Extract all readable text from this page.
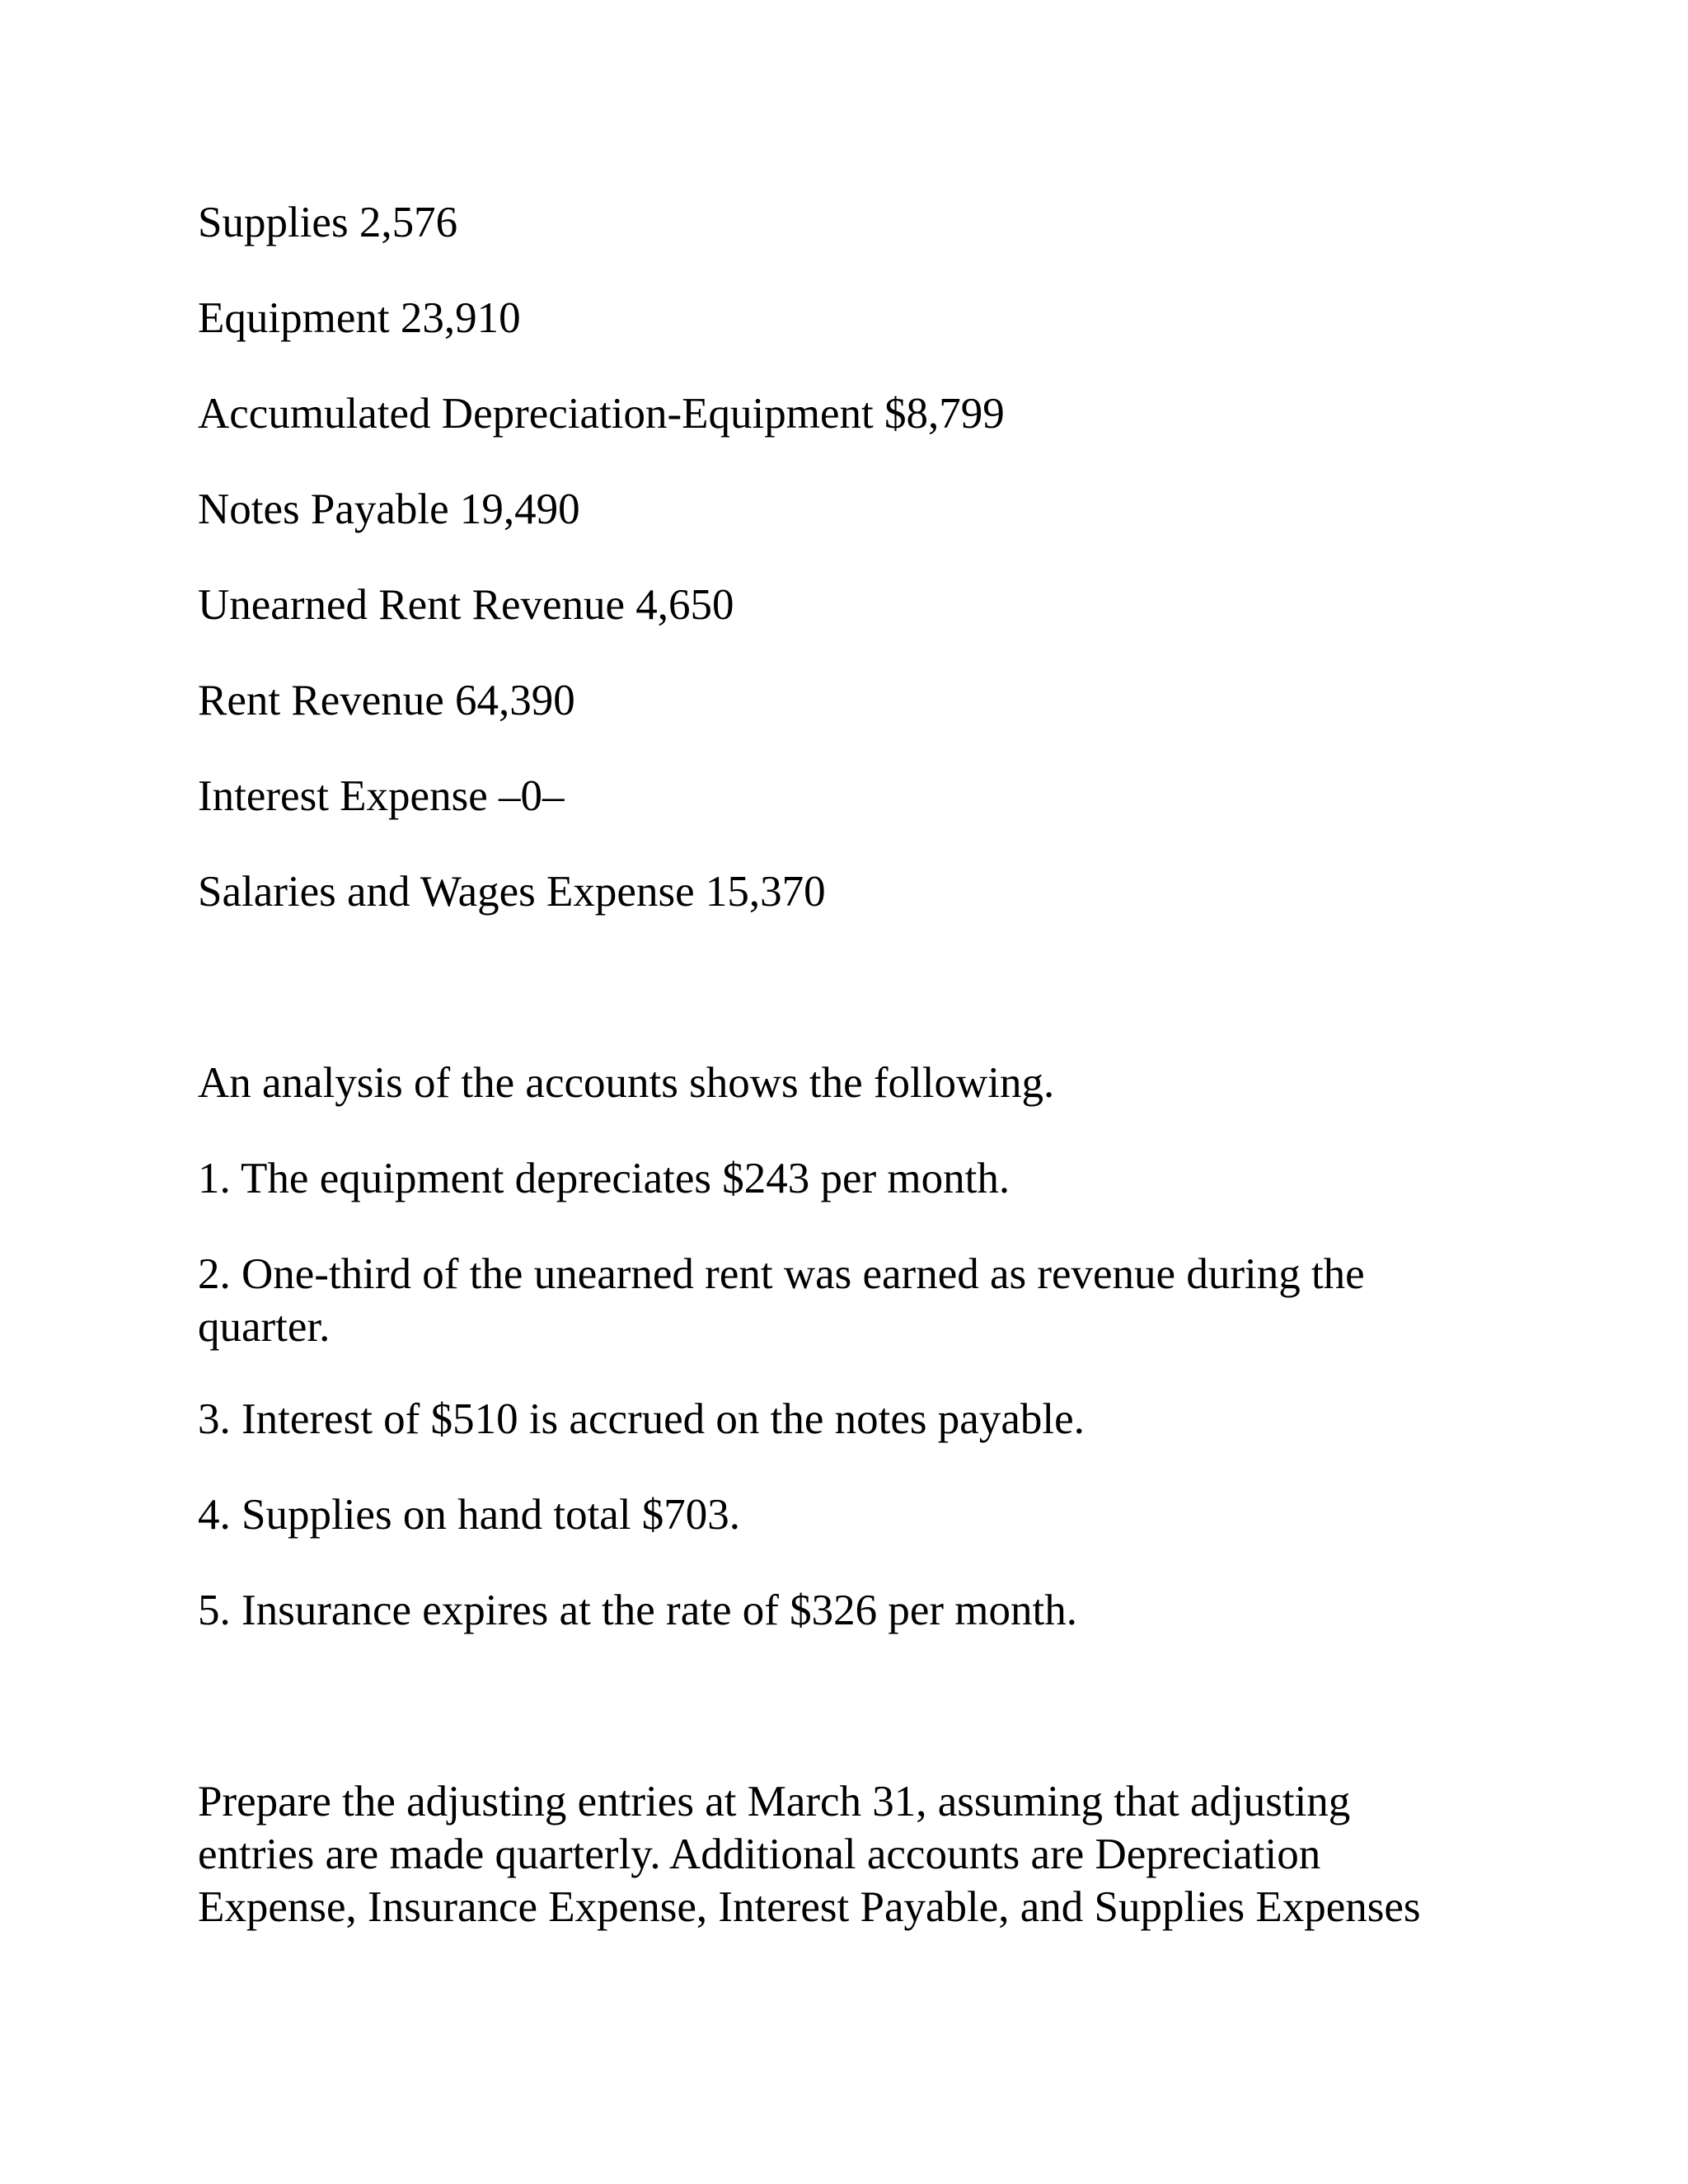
Supplies 2,576

Equipment 23,910

Accumulated Depreciation-Equipment $8,799

Notes Payable 19,490

Unearned Rent Revenue 4,650

Rent Revenue 64,390

Interest Expense –0–

Salaries and Wages Expense 15,370

An analysis of the accounts shows the following.

1. The equipment depreciates $243 per month.

2. One-third of the unearned rent was earned as revenue during the quarter.

3. Interest of $510 is accrued on the notes payable.

4. Supplies on hand total $703.

5. Insurance expires at the rate of $326 per month.

Prepare the adjusting entries at March 31, assuming that adjusting entries are made quarterly. Additional accounts are Depreciation Expense, Insurance Expense, Interest Payable, and Supplies Expenses
